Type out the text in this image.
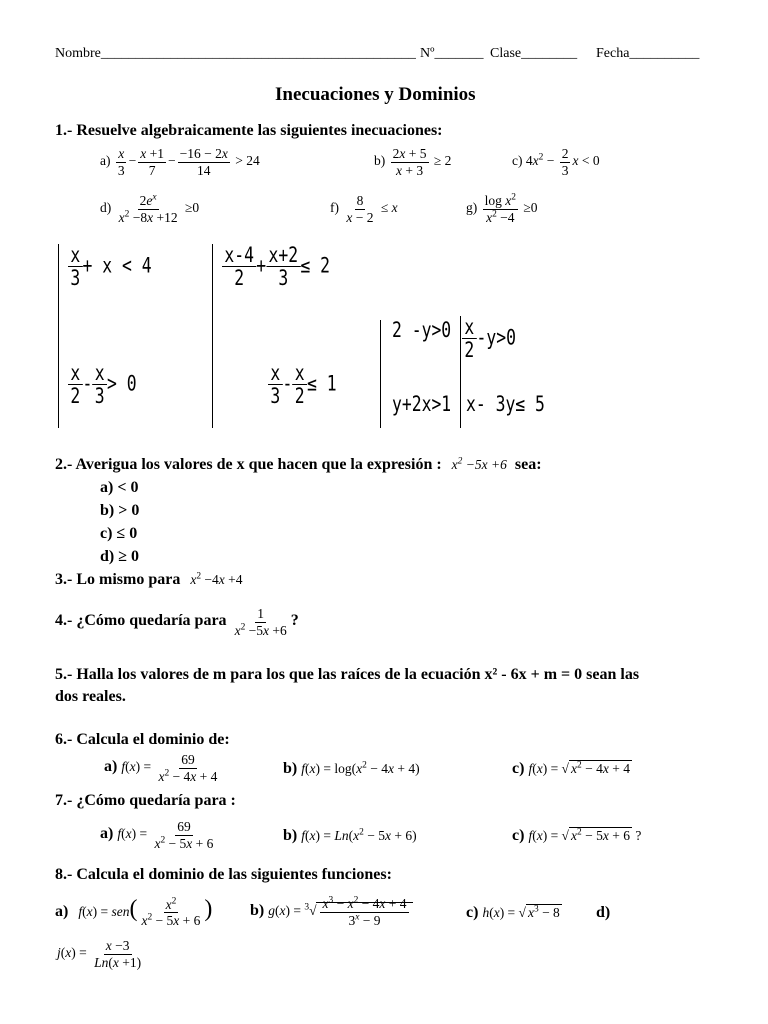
Nombre_____________________________________________ Nº_______ Clase________ Fecha__________
Inecuaciones y Dominios
1.- Resuelve algebraicamente las siguientes inecuaciones:
$a) \frac{x}{3} - \frac{x +1}{7} - \frac{-16 - 2x}{14} > 24$	$b) \frac{2x + 5}{x + 3} \ge 2$	c) $4x^2 - \frac{2}{3}$ x < 0
$d) \frac{2e^x}{x^2 -8x +12} \ge 0$	$f) \frac{8}{x - 2} \le x$	$g) \frac{\log x^2}{x^2 -4} \ge 0$
$\frac{x}{3} + x < 4$
$\frac{x}{2} - \frac{x}{3} > 0$
$\frac{x-4}{2} + \frac{x+2}{3} \le 2$
$\frac{x}{3} - \frac{x}{2} \le 1$
2 -y>0
y+2x>1
$\frac{x}{2} -y>0$
x- 3y≤ 5
2.- Averigua los valores de x que hacen que la expresión : $x^2 -5x +6$ sea:
a) < 0
b) > 0
c) ≤ 0
d) ≥ 0
3.- Lo mismo para $x^2 -4x +4$
4.- ¿Cómo quedaría para $\frac{1}{x^2 -5x +6}$ ?
5.- Halla los valores de m para los que las raíces de la ecuación x² - 6x + m = 0 sean las
dos reales.
6.- Calcula el dominio de:
a) $f(x) = \frac{69}{x^2 - 4x + 4}$	b) $f(x) = \log(x^2 - 4x + 4)$	c) f(x) = √ $x^2 - 4x + 4$
7.- ¿Cómo quedaría para :
a) $f(x) = \frac{69}{x^2 - 5x + 6}$	b) $f(x) = Ln(x^2 - 5x + 6)$	c) f(x) = √ $x^2 - 5x + 6$ ?
8.- Calcula el dominio de las siguientes funciones:
a) $f(x) = sen( \frac{x^2}{x^2 - 5x + 6}$ ) b) $g(x) = ^3√ \frac{x^3 - x^2 - 4x + 4}{3^x - 9}$	c) h(x) = √ $x^3 - 8$ d)
$j(x) = \frac{x -3}{Ln(x +1)}$
